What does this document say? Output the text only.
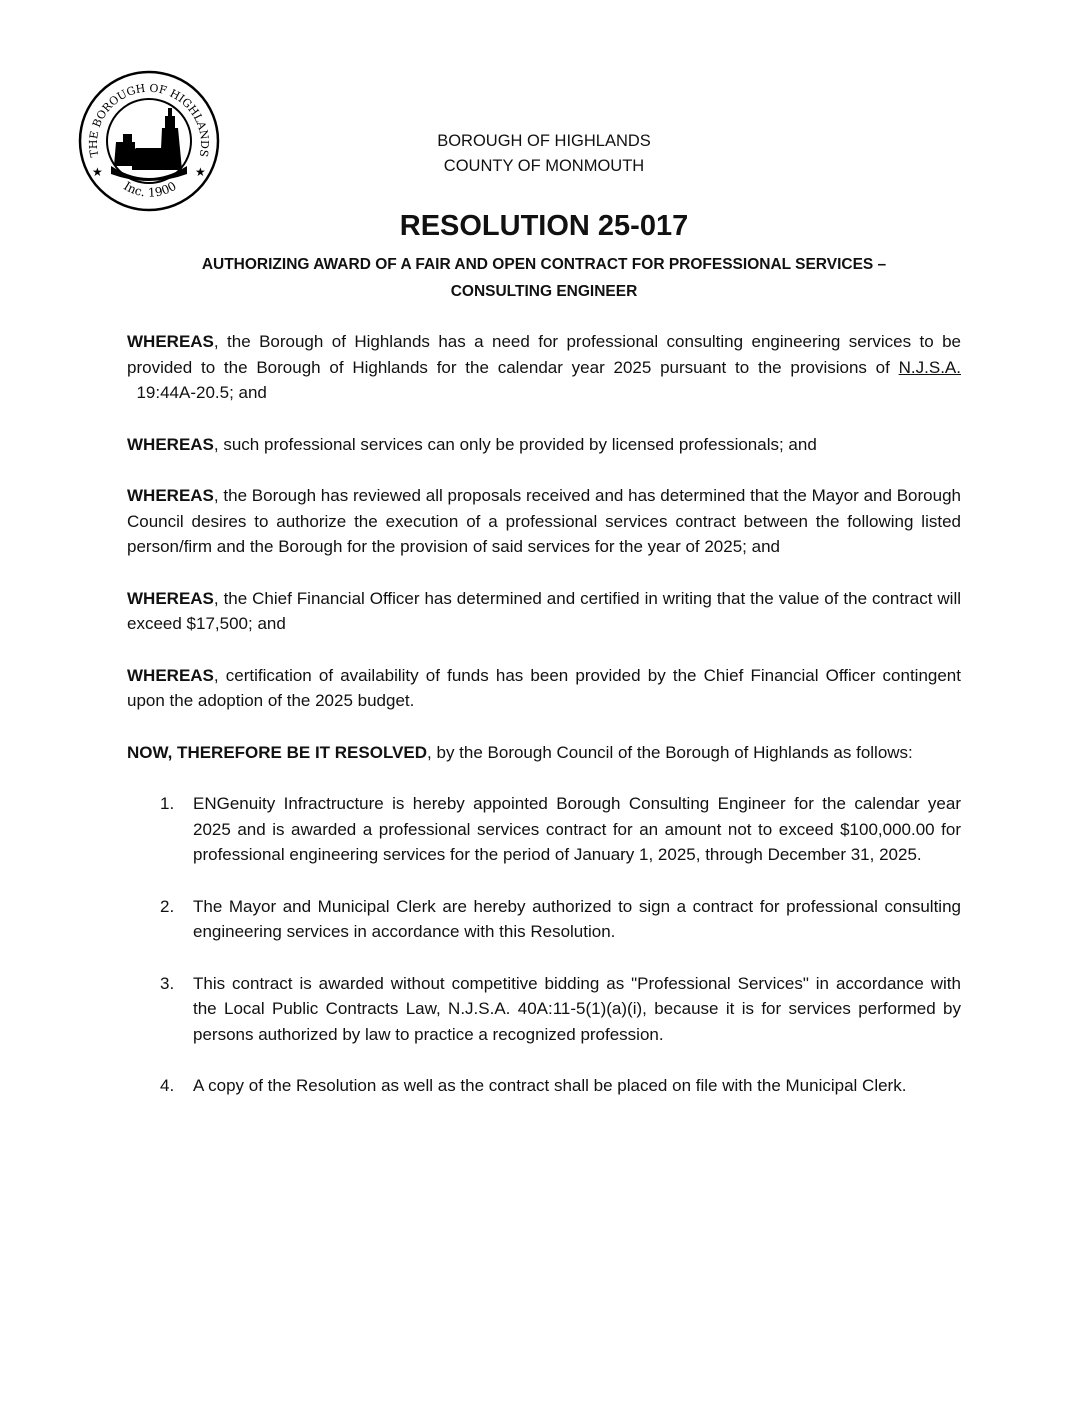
THE BOROUGH OF HIGHLANDS
Inc. 1900
★	★
BOROUGH OF HIGHLANDS
COUNTY OF MONMOUTH
RESOLUTION 25-017
AUTHORIZING AWARD OF A FAIR AND OPEN CONTRACT FOR PROFESSIONAL SERVICES – CONSULTING ENGINEER

WHEREAS, the Borough of Highlands has a need for professional consulting engineering services to be provided to the Borough of Highlands for the calendar year 2025 pursuant to the provisions of N.J.S.A.  19:44A-20.5; and

WHEREAS, such professional services can only be provided by licensed professionals; and

WHEREAS, the Borough has reviewed all proposals received and has determined that the Mayor and Borough Council desires to authorize the execution of a professional services contract between the following listed person/firm and the Borough for the provision of said services for the year of 2025; and

WHEREAS, the Chief Financial Officer has determined and certified in writing that the value of the contract will exceed $17,500; and

WHEREAS, certification of availability of funds has been provided by the Chief Financial Officer contingent upon the adoption of the 2025 budget.

NOW, THEREFORE BE IT RESOLVED, by the Borough Council of the Borough of Highlands as follows:

1. ENGenuity Infractructure is hereby appointed Borough Consulting Engineer for the calendar year 2025 and is awarded a professional services contract for an amount not to exceed $100,000.00 for professional engineering services for the period of January 1, 2025, through December 31, 2025.
2. The Mayor and Municipal Clerk are hereby authorized to sign a contract for professional consulting engineering services in accordance with this Resolution.
3. This contract is awarded without competitive bidding as "Professional Services" in accordance with the Local Public Contracts Law, N.J.S.A. 40A:11-5(1)(a)(i), because it is for services performed by persons authorized by law to practice a recognized profession.
4. A copy of the Resolution as well as the contract shall be placed on file with the Municipal Clerk.
